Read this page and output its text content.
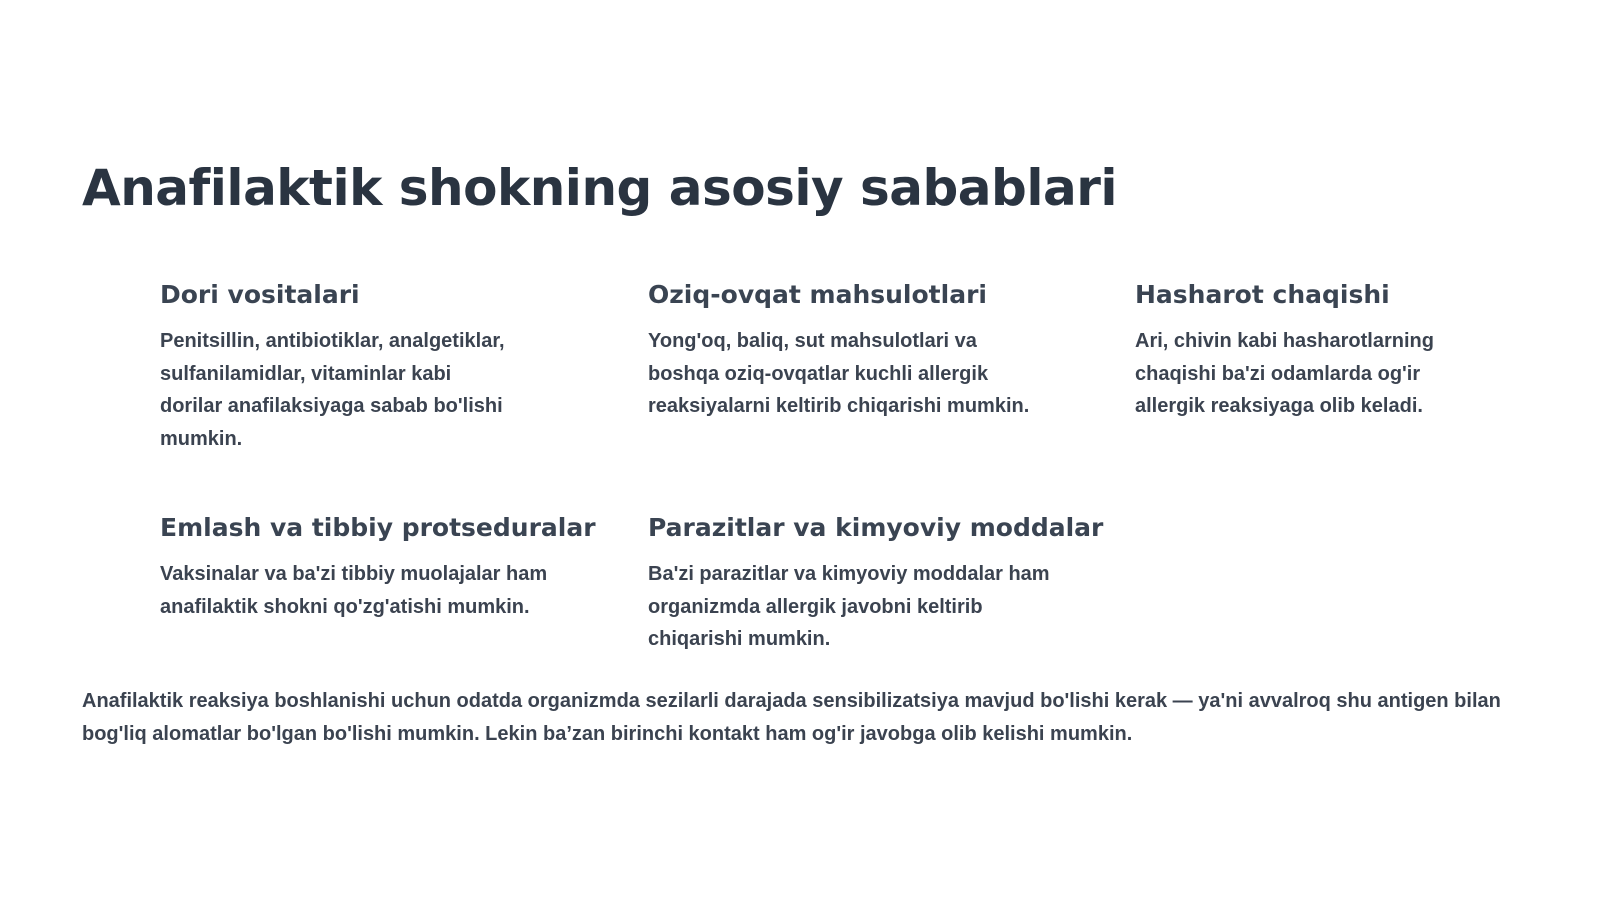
Anafilaktik shokning asosiy sabablari
Dori vositalari

Penitsillin, antibiotiklar, analgetiklar, sulfanilamidlar, vitaminlar kabi dorilar anafilaksiyaga sabab bo'lishi mumkin.

Oziq-ovqat mahsulotlari

Yong'oq, baliq, sut mahsulotlari va boshqa oziq-ovqatlar kuchli allergik reaksiyalarni keltirib chiqarishi mumkin.

Hasharot chaqishi

Ari, chivin kabi hasharotlarning chaqishi ba'zi odamlarda og'ir allergik reaksiyaga olib keladi.

Emlash va tibbiy protseduralar

Vaksinalar va ba'zi tibbiy muolajalar ham anafilaktik shokni qo'zg'atishi mumkin.

Parazitlar va kimyoviy moddalar

Ba'zi parazitlar va kimyoviy moddalar ham organizmda allergik javobni keltirib chiqarishi mumkin.

Anafilaktik reaksiya boshlanishi uchun odatda organizmda sezilarli darajada sensibilizatsiya mavjud bo'lishi kerak — ya'ni avvalroq shu antigen bilan bog'liq alomatlar bo'lgan bo'lishi mumkin. Lekin ba’zan birinchi kontakt ham og'ir javobga olib kelishi mumkin.
